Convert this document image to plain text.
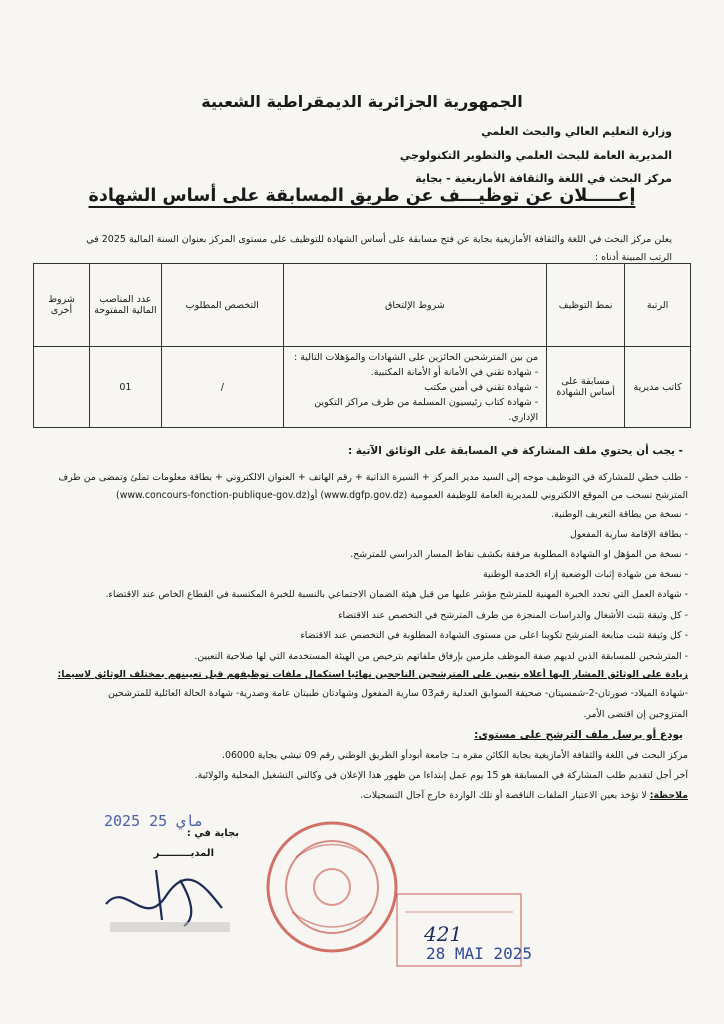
الجمهورية الجزائرية الديمقراطية الشعبية
وزارة التعليم العالي والبحث العلمي
المديرية العامة للبحث العلمي والتطوير التكنولوجي
مركز البحث في اللغة والثقافة الأمازيغية - بجاية
إعـــــلان عن توظيـــف عن طريق المسابقة على أساس الشهادة
يعلن مركز البحث في اللغة والثقافة الأمازيغية بجاية عن فتح مسابقة على أساس الشهادة للتوظيف على مستوى المركز بعنوان السنة المالية 2025 في
الرتب المبينة أدناه :
الرتبة	نمط التوظيف	شروط الإلتحاق	التخصص المطلوب	عدد المناصب المالية المفتوحة	شروط أخرى
كاتب مديرية	مسابقة على أساس الشهادة	من بين المترشحين الحائزين على الشهادات والمؤهلات التالية :
- شهادة تقني في الأمانة أو الأمانة المكتبية.
- شهادة تقني في أمين مكتب
- شهادة كتاب رئيسيون المسلمة من طرف مراكز التكوين الإداري.	/	01	
- يجب أن يحتوي ملف المشاركة في المسابقة على الوثائق الآتية :
- طلب خطي للمشاركة في التوظيف موجه إلى السيد مدير المركز + السيرة الذاتية + رقم الهاتف + العنوان الالكتروني + بطاقة معلومات تملئ وتمضى من طرف
المترشح تسحب من الموقع الالكتروني للمديرية العامة للوظيفة العمومية (www.dgfp.gov.dz) أو(www.concours-fonction-publique-gov.dz)
- نسخة من بطاقة التعريف الوطنية.
- بطاقة الإقامة سارية المفعول
- نسخة من المؤهل او الشهادة المطلوبة مرفقة بكشف نقاط المسار الدراسي للمترشح.
- نسخة من شهادة إثبات الوضعية إزاء الخدمة الوطنية
- شهادة العمل التي تحدد الخبرة المهنية للمترشح مؤشر عليها من قبل هيئة الضمان الاجتماعي بالنسبة للخبرة المكتسبة في القطاع الخاص عند الاقتضاء.
- كل وثيقة تثبت الأشغال والدراسات المنجزة من طرف المترشح في التخصص عند الاقتضاء
- كل وثيقة تثبت متابعة المترشح تكوينا اعلى من مستوى الشهادة المطلوبة في التخصص عند الاقتضاء
- المترشحين للمسابقة الذين لديهم صفة الموظف ملزمين بإرفاق ملفاتهم بترخيص من الهيئة المستخدمة التي لها صلاحية التعيين.
زيادة على الوثائق المشار اليها أعلاه يتعين على المترشحين الناجحين نهائيا استكمال ملفات توظيفهم قبل تعيينهم بمختلف الوثائق لاسيما:
-شهادة الميلاد- صورتان-2-شمسيتان- صحيفة السوابق العدلية رقم03 سارية المفعول وشهادتان طبيتان عامة وصدرية- شهادة الحالة العائلية للمترشحين
المتزوجين إن اقتضى الأمر.
يودع أو يرسل ملف الترشح على مستوى:
مركز البحث في اللغة والثقافة الأمازيغية بجاية الكائن مقره بـ: جامعة أبودأو الطريق الوطني رقم 09 تيشي بجاية 06000.
آخر أجل لتقديم طلب المشاركة في المسابقة هو 15 يوم عمل إبتداءا من ظهور هذا الإعلان في وكالتي التشغيل المحلية والولائية.
ملاحظة: لا تؤخذ بعين الاعتبار الملفات الناقصة أو تلك الواردة خارج آجال التسجيلات.
بجاية في :
2025 ماي 25
المديـــــــــر
421
28 MAI 2025
